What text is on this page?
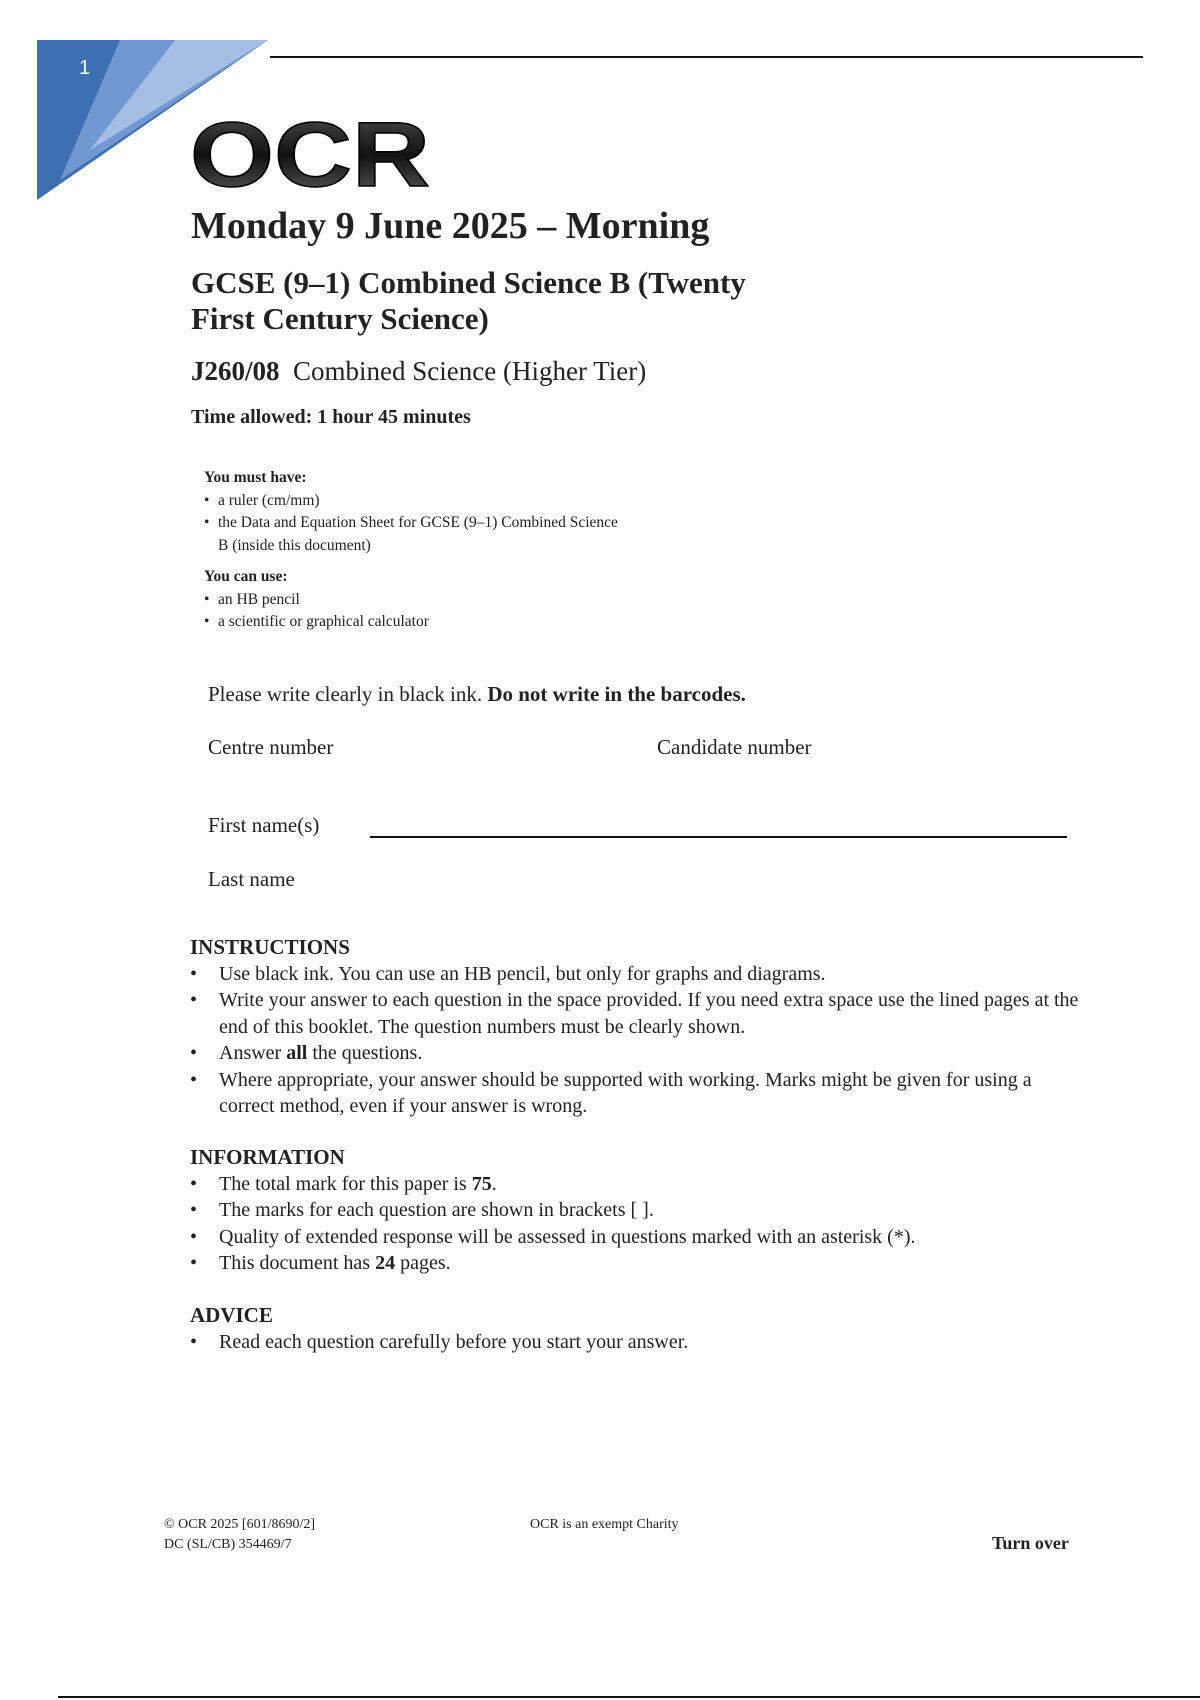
1
OCR
Monday 9 June 2025 – Morning
GCSE (9–1) Combined Science B (Twenty
First Century Science)
J260/08 Combined Science (Higher Tier)
Time allowed: 1 hour 45 minutes
You must have:
• a ruler (cm/mm)
• the Data and Equation Sheet for GCSE (9–1) Combined Science B (inside this document)
You can use:
• an HB pencil
• a scientific or graphical calculator
Please write clearly in black ink. Do not write in the barcodes.
Centre number	Candidate number
First name(s)
Last name
INSTRUCTIONS
• Use black ink. You can use an HB pencil, but only for graphs and diagrams.
• Write your answer to each question in the space provided. If you need extra space use the lined pages at the end of this booklet. The question numbers must be clearly shown.
• Answer all the questions.
• Where appropriate, your answer should be supported with working. Marks might be given for using a correct method, even if your answer is wrong.
INFORMATION
• The total mark for this paper is 75.
• The marks for each question are shown in brackets [ ].
• Quality of extended response will be assessed in questions marked with an asterisk (*).
• This document has 24 pages.
ADVICE
• Read each question carefully before you start your answer.
© OCR 2025 [601/8690/2]
DC (SL/CB) 354469/7
OCR is an exempt Charity
Turn over
